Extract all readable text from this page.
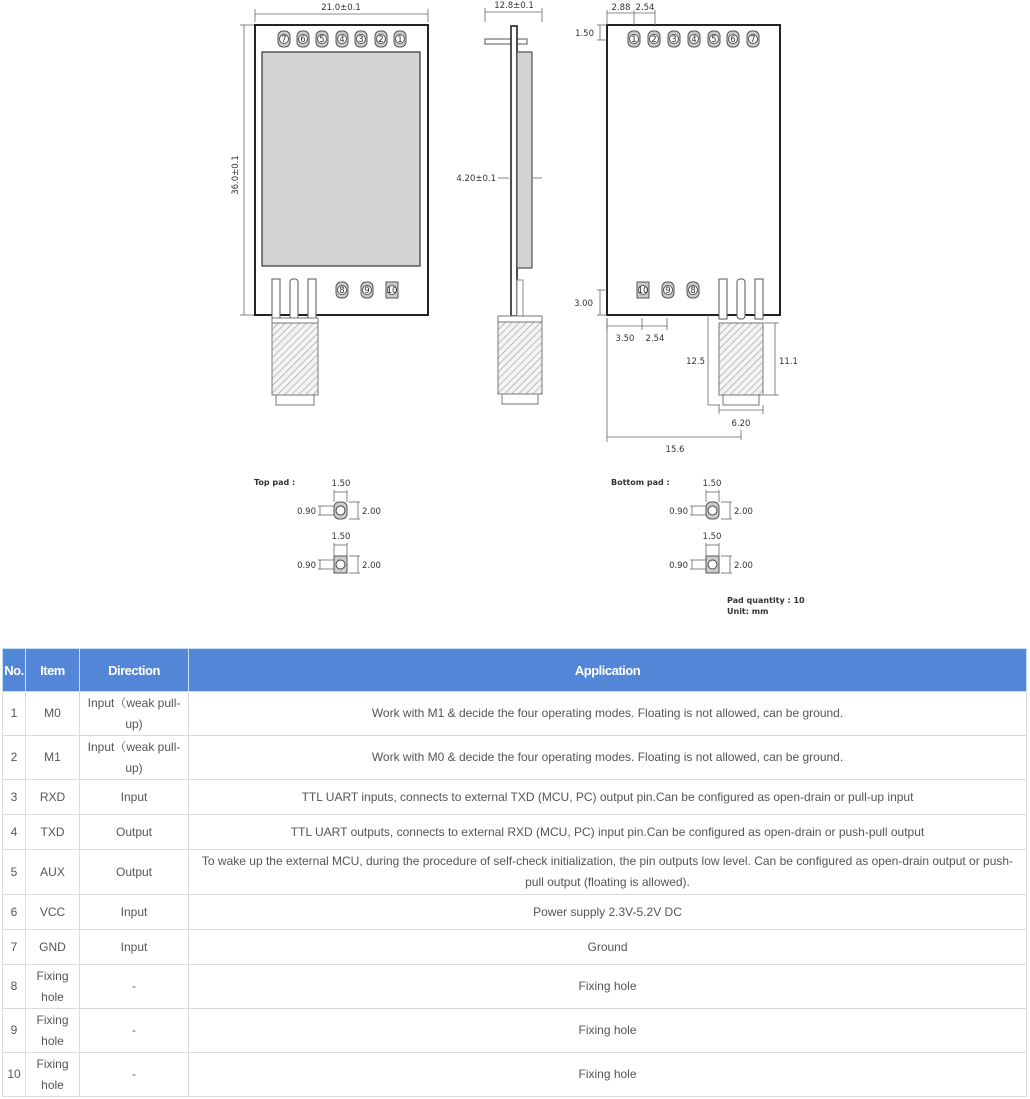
21.0±0.1
36.0±0.1
7 6 5 4 3 2 1
8 9 10
12.8±0.1
4.20±0.1
2.88 2.54
1.50
1 2 3 4 5 6 7
10 9 8
3.00
3.50 2.54
12.5	11.1
6.20
15.6
Top pad :	1.50
0.90	2.00
1.50
0.90	2.00
Bottom pad :	1.50
0.90	2.00
1.50
0.90	2.00
Pad quantity : 10
Unit: mm
No.	Item	Direction	Application
1	M0	Input（weak pull-up)	Work with M1 & decide the four operating modes. Floating is not allowed, can be ground.
2	M1	Input（weak pull-up)	Work with M0 & decide the four operating modes. Floating is not allowed, can be ground.
3	RXD	Input	TTL UART inputs, connects to external TXD (MCU, PC) output pin.Can be configured as open-drain or pull-up input
4	TXD	Output	TTL UART outputs, connects to external RXD (MCU, PC) input pin.Can be configured as open-drain or push-pull output
5	AUX	Output	To wake up the external MCU, during the procedure of self-check initialization, the pin outputs low level. Can be configured as open-drain output or push-pull output (floating is allowed).
6	VCC	Input	Power supply 2.3V-5.2V DC
7	GND	Input	Ground
8	Fixing hole	-	Fixing hole
9	Fixing hole	-	Fixing hole
10	Fixing hole	-	Fixing hole
